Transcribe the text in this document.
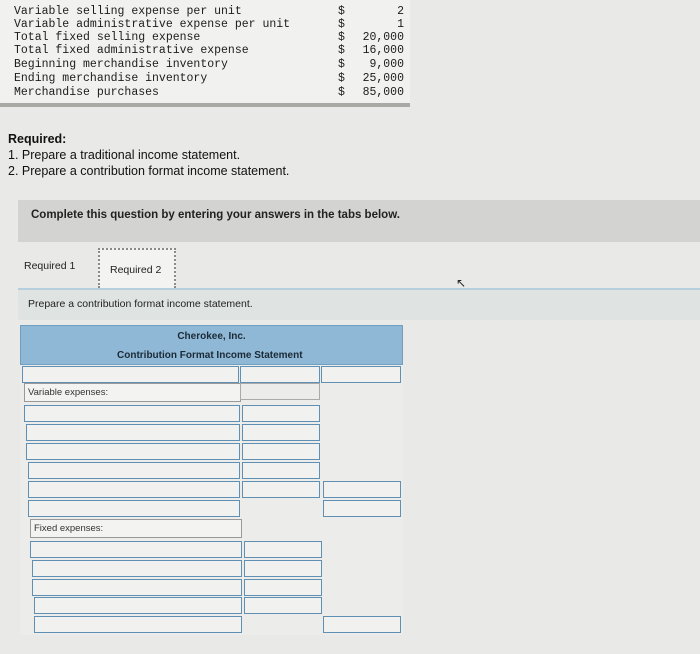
Variable selling expense per unit	$	2
Variable administrative expense per unit	$	1
Total fixed selling expense	$	20,000
Total fixed administrative expense	$	16,000
Beginning merchandise inventory	$	9,000
Ending merchandise inventory	$	25,000
Merchandise purchases	$	85,000
Required:
1. Prepare a traditional income statement.
2. Prepare a contribution format income statement.
Complete this question by entering your answers in the tabs below.
Required 1	Required 2
↖
Prepare a contribution format income statement.
Cherokee, Inc.
Contribution Format Income Statement
Variable expenses:
Fixed expenses:
